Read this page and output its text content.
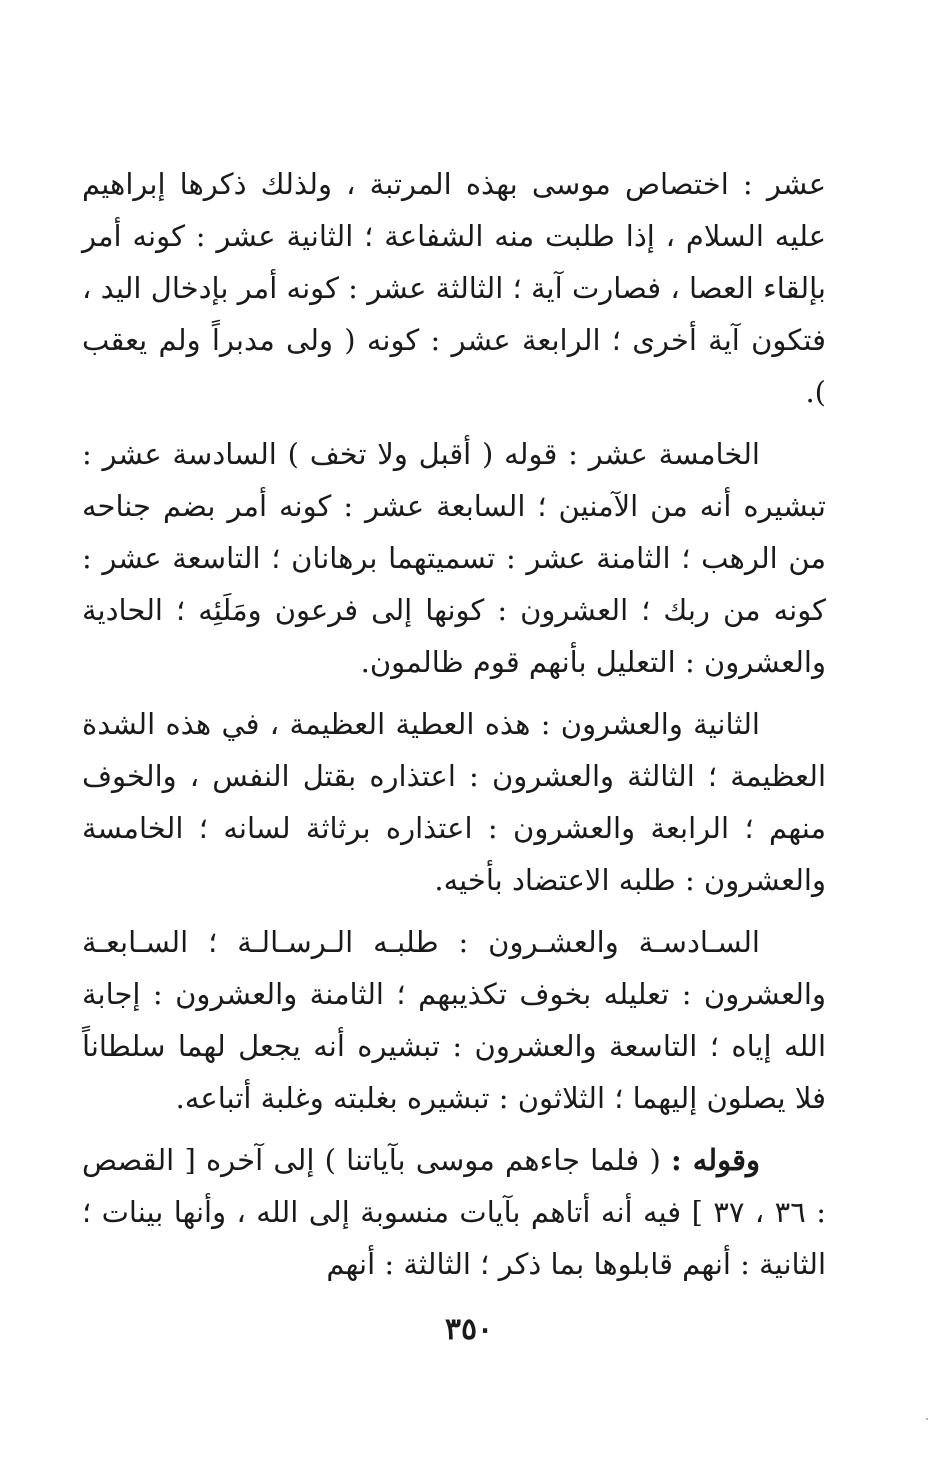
عشر : اختصاص موسى بهذه المرتبة ، ولذلك ذكرها إبراهيم عليه السلام ، إذا طلبت منه الشفاعة ؛ الثانية عشر : كونه أمر بإلقاء العصا ، فصارت آية ؛ الثالثة عشر : كونه أمر بإدخال اليد ، فتكون آية أخرى ؛ الرابعة عشر : كونه ( ولى مدبراً ولم يعقب ).

الخامسة عشر : قوله ( أقبل ولا تخف ) السادسة عشر : تبشيره أنه من الآمنين ؛ السابعة عشر : كونه أمر بضم جناحه من الرهب ؛ الثامنة عشر : تسميتهما برهانان ؛ التاسعة عشر : كونه من ربك ؛ العشرون : كونها إلى فرعون ومَلَئِه ؛ الحادية والعشرون : التعليل بأنهم قوم ظالمون.

الثانية والعشرون : هذه العطية العظيمة ، في هذه الشدة العظيمة ؛ الثالثة والعشرون : اعتذاره بقتل النفس ، والخوف منهم ؛ الرابعة والعشرون : اعتذاره برثاثة لسانه ؛ الخامسة والعشرون : طلبه الاعتضاد بأخيه.

السـادسـة والعشـرون : طلبـه الـرسـالـة ؛ السـابعـة والعشرون : تعليله بخوف تكذيبهم ؛ الثامنة والعشرون : إجابة الله إياه ؛ التاسعة والعشرون : تبشيره أنه يجعل لهما سلطاناً فلا يصلون إليهما ؛ الثلاثون : تبشيره بغلبته وغلبة أتباعه.

وقوله : ( فلما جاءهم موسى بآياتنا ) إلى آخره [ القصص : ٣٦ ، ٣٧ ] فيه أنه أتاهم بآيات منسوبة إلى الله ، وأنها بينات ؛ الثانية : أنهم قابلوها بما ذكر ؛ الثالثة : أنهم

٣٥٠
